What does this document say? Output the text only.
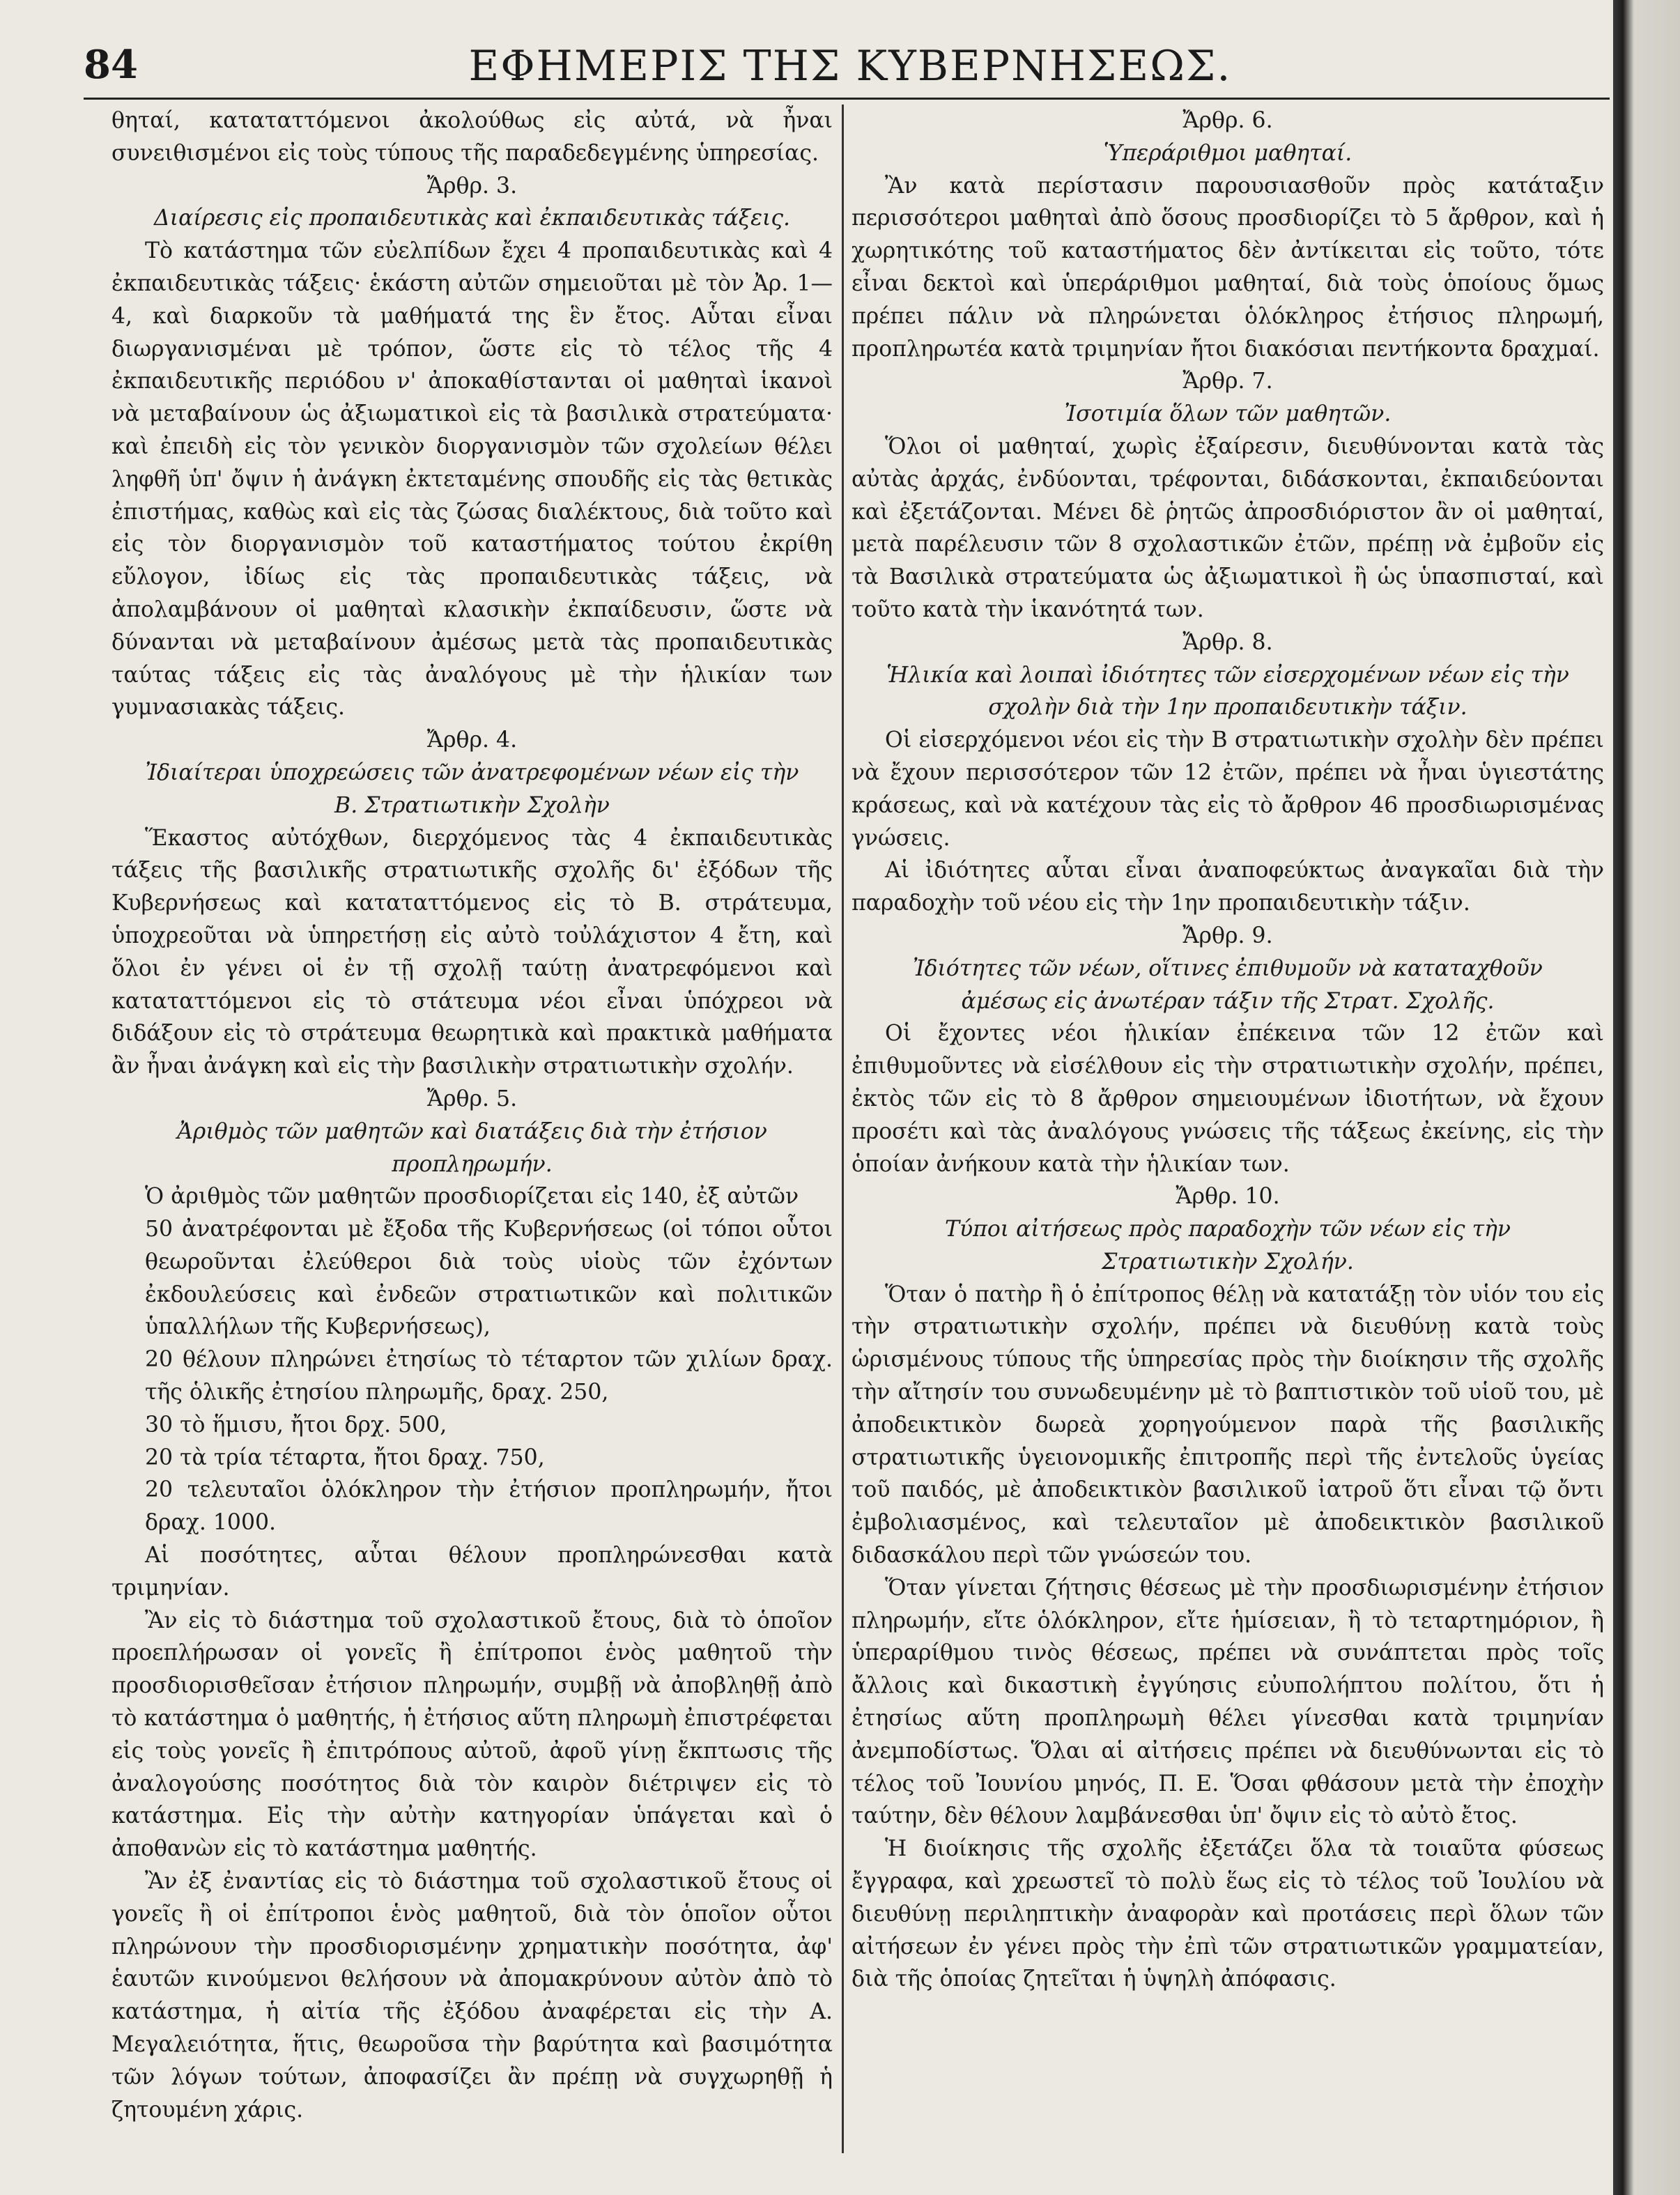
84	ΕΦΗΜΕΡΙΣ ΤΗΣ ΚΥΒΕΡΝΗΣΕΩΣ.

θηταί, καταταττόμενοι ἀκολούθως εἰς αὐτά, νὰ ἦναι συνειθισμένοι εἰς τοὺς τύπους τῆς παραδεδεγμένης ὑπηρεσίας.

Ἄρθρ. 3.
Διαίρεσις εἰς προπαιδευτικὰς καὶ ἐκπαιδευτικὰς τάξεις.

Τὸ κατάστημα τῶν εὐελπίδων ἔχει 4 προπαιδευτικὰς καὶ 4 ἐκπαιδευτικὰς τάξεις· ἑκάστη αὐτῶν σημειοῦται μὲ τὸν Ἀρ. 1—4, καὶ διαρκοῦν τὰ μαθήματά της ἓν ἔτος. Αὗται εἶναι διωργανισμέναι μὲ τρόπον, ὥστε εἰς τὸ τέλος τῆς 4 ἐκπαιδευτικῆς περιόδου ν' ἀποκαθίστανται οἱ μαθηταὶ ἱκανοὶ νὰ μεταβαίνουν ὡς ἀξιωματικοὶ εἰς τὰ βασιλικὰ στρατεύματα· καὶ ἐπειδὴ εἰς τὸν γενικὸν διοργανισμὸν τῶν σχολείων θέλει ληφθῆ ὑπ' ὄψιν ἡ ἀνάγκη ἐκτεταμένης σπουδῆς εἰς τὰς θετικὰς ἐπιστήμας, καθὼς καὶ εἰς τὰς ζώσας διαλέκτους, διὰ τοῦτο καὶ εἰς τὸν διοργανισμὸν τοῦ καταστήματος τούτου ἐκρίθη εὔλογον, ἰδίως εἰς τὰς προπαιδευτικὰς τάξεις, νὰ ἀπολαμβάνουν οἱ μαθηταὶ κλασικὴν ἐκπαίδευσιν, ὥστε νὰ δύνανται νὰ μεταβαίνουν ἀμέσως μετὰ τὰς προπαιδευτικὰς ταύτας τάξεις εἰς τὰς ἀναλόγους μὲ τὴν ἡλικίαν των γυμνασιακὰς τάξεις.

Ἄρθρ. 4.
Ἰδιαίτεραι ὑποχρεώσεις τῶν ἀνατρεφομένων νέων εἰς τὴν Β. Στρατιωτικὴν Σχολὴν

Ἕκαστος αὐτόχθων, διερχόμενος τὰς 4 ἐκπαιδευτικὰς τάξεις τῆς βασιλικῆς στρατιωτικῆς σχολῆς δι' ἐξόδων τῆς Κυβερνήσεως καὶ καταταττόμενος εἰς τὸ Β. στράτευμα, ὑποχρεοῦται νὰ ὑπηρετήσῃ εἰς αὐτὸ τοὐλάχιστον 4 ἔτη, καὶ ὅλοι ἐν γένει οἱ ἐν τῇ σχολῇ ταύτῃ ἀνατρεφόμενοι καὶ καταταττόμενοι εἰς τὸ στάτευμα νέοι εἶναι ὑπόχρεοι νὰ διδάξουν εἰς τὸ στράτευμα θεωρητικὰ καὶ πρακτικὰ μαθήματα ἂν ἦναι ἀνάγκη καὶ εἰς τὴν βασιλικὴν στρατιωτικὴν σχολήν.

Ἄρθρ. 5.
Ἀριθμὸς τῶν μαθητῶν καὶ διατάξεις διὰ τὴν ἐτήσιον προπληρωμήν.

Ὁ ἀριθμὸς τῶν μαθητῶν προσδιορίζεται εἰς 140, ἐξ αὐτῶν

50 ἀνατρέφονται μὲ ἔξοδα τῆς Κυβερνήσεως (οἱ τόποι οὗτοι θεωροῦνται ἐλεύθεροι διὰ τοὺς υἱοὺς τῶν ἐχόντων ἐκδουλεύσεις καὶ ἐνδεῶν στρατιωτικῶν καὶ πολιτικῶν ὑπαλλήλων τῆς Κυβερνήσεως),
20 θέλουν πληρώνει ἐτησίως τὸ τέταρτον τῶν χιλίων δραχ. τῆς ὁλικῆς ἐτησίου πληρωμῆς, δραχ. 250,
30 τὸ ἥμισυ, ἤτοι δρχ. 500,
20 τὰ τρία τέταρτα, ἤτοι δραχ. 750,
20 τελευταῖοι ὁλόκληρον τὴν ἐτήσιον προπληρωμήν, ἤτοι δραχ. 1000.

Αἱ ποσότητες, αὗται θέλουν προπληρώνεσθαι κατὰ τριμηνίαν.

Ἂν εἰς τὸ διάστημα τοῦ σχολαστικοῦ ἔτους, διὰ τὸ ὁποῖον προεπλήρωσαν οἱ γονεῖς ἢ ἐπίτροποι ἑνὸς μαθητοῦ τὴν προσδιορισθεῖσαν ἐτήσιον πληρωμήν, συμβῇ νὰ ἀποβληθῇ ἀπὸ τὸ κατάστημα ὁ μαθητής, ἡ ἐτήσιος αὕτη πληρωμὴ ἐπιστρέφεται εἰς τοὺς γονεῖς ἢ ἐπιτρόπους αὐτοῦ, ἀφοῦ γίνῃ ἔκπτωσις τῆς ἀναλογούσης ποσότητος διὰ τὸν καιρὸν διέτριψεν εἰς τὸ κατάστημα. Εἰς τὴν αὐτὴν κατηγορίαν ὑπάγεται καὶ ὁ ἀποθανὼν εἰς τὸ κατάστημα μαθητής.

Ἂν ἐξ ἐναντίας εἰς τὸ διάστημα τοῦ σχολαστικοῦ ἔτους οἱ γονεῖς ἢ οἱ ἐπίτροποι ἑνὸς μαθητοῦ, διὰ τὸν ὁποῖον οὗτοι πληρώνουν τὴν προσδιορισμένην χρηματικὴν ποσότητα, ἀφ' ἑαυτῶν κινούμενοι θελήσουν νὰ ἀπομακρύνουν αὐτὸν ἀπὸ τὸ κατάστημα, ἡ αἰτία τῆς ἐξόδου ἀναφέρεται εἰς τὴν Α. Μεγαλειότητα, ἥτις, θεωροῦσα τὴν βαρύτητα καὶ βασιμότητα τῶν λόγων τούτων, ἀποφασίζει ἂν πρέπῃ νὰ συγχωρηθῇ ἡ ζητουμένη χάρις.

Ἄρθρ. 6.
Ὑπεράριθμοι μαθηταί.

Ἂν κατὰ περίστασιν παρουσιασθοῦν πρὸς κατάταξιν περισσότεροι μαθηταὶ ἀπὸ ὅσους προσδιορίζει τὸ 5 ἄρθρον, καὶ ἡ χωρητικότης τοῦ καταστήματος δὲν ἀντίκειται εἰς τοῦτο, τότε εἶναι δεκτοὶ καὶ ὑπεράριθμοι μαθηταί, διὰ τοὺς ὁποίους ὅμως πρέπει πάλιν νὰ πληρώνεται ὁλόκληρος ἐτήσιος πληρωμή, προπληρωτέα κατὰ τριμηνίαν ἤτοι διακόσιαι πεντήκοντα δραχμαί.

Ἄρθρ. 7.
Ἰσοτιμία ὅλων τῶν μαθητῶν.

Ὅλοι οἱ μαθηταί, χωρὶς ἐξαίρεσιν, διευθύνονται κατὰ τὰς αὐτὰς ἀρχάς, ἐνδύονται, τρέφονται, διδάσκονται, ἐκπαιδεύονται καὶ ἐξετάζονται. Μένει δὲ ῥητῶς ἀπροσδιόριστον ἂν οἱ μαθηταί, μετὰ παρέλευσιν τῶν 8 σχολαστικῶν ἐτῶν, πρέπῃ νὰ ἐμβοῦν εἰς τὰ Βασιλικὰ στρατεύματα ὡς ἀξιωματικοὶ ἢ ὡς ὑπασπισταί, καὶ τοῦτο κατὰ τὴν ἱκανότητά των.

Ἄρθρ. 8.
Ἡλικία καὶ λοιπαὶ ἰδιότητες τῶν εἰσερχομένων νέων εἰς τὴν σχολὴν διὰ τὴν 1ην προπαιδευτικὴν τάξιν.

Οἱ εἰσερχόμενοι νέοι εἰς τὴν Β στρατιωτικὴν σχολὴν δὲν πρέπει νὰ ἔχουν περισσότερον τῶν 12 ἐτῶν, πρέπει νὰ ἦναι ὑγιεστάτης κράσεως, καὶ νὰ κατέχουν τὰς εἰς τὸ ἄρθρον 46 προσδιωρισμένας γνώσεις.

Αἱ ἰδιότητες αὗται εἶναι ἀναποφεύκτως ἀναγκαῖαι διὰ τὴν παραδοχὴν τοῦ νέου εἰς τὴν 1ην προπαιδευτικὴν τάξιν.

Ἄρθρ. 9.
Ἰδιότητες τῶν νέων, οἵτινες ἐπιθυμοῦν νὰ καταταχθοῦν ἀμέσως εἰς ἀνωτέραν τάξιν τῆς Στρατ. Σχολῆς.

Οἱ ἔχοντες νέοι ἡλικίαν ἐπέκεινα τῶν 12 ἐτῶν καὶ ἐπιθυμοῦντες νὰ εἰσέλθουν εἰς τὴν στρατιωτικὴν σχολήν, πρέπει, ἐκτὸς τῶν εἰς τὸ 8 ἄρθρον σημειουμένων ἰδιοτήτων, νὰ ἔχουν προσέτι καὶ τὰς ἀναλόγους γνώσεις τῆς τάξεως ἐκείνης, εἰς τὴν ὁποίαν ἀνήκουν κατὰ τὴν ἡλικίαν των.

Ἄρθρ. 10.
Τύποι αἰτήσεως πρὸς παραδοχὴν τῶν νέων εἰς τὴν Στρατιωτικὴν Σχολήν.

Ὅταν ὁ πατὴρ ἢ ὁ ἐπίτροπος θέλῃ νὰ κατατάξῃ τὸν υἱόν του εἰς τὴν στρατιωτικὴν σχολήν, πρέπει νὰ διευθύνῃ κατὰ τοὺς ὡρισμένους τύπους τῆς ὑπηρεσίας πρὸς τὴν διοίκησιν τῆς σχολῆς τὴν αἴτησίν του συνωδευμένην μὲ τὸ βαπτιστικὸν τοῦ υἱοῦ του, μὲ ἀποδεικτικὸν δωρεὰ χορηγούμενον παρὰ τῆς βασιλικῆς στρατιωτικῆς ὑγειονομικῆς ἐπιτροπῆς περὶ τῆς ἐντελοῦς ὑγείας τοῦ παιδός, μὲ ἀποδεικτικὸν βασιλικοῦ ἰατροῦ ὅτι εἶναι τῷ ὄντι ἐμβολιασμένος, καὶ τελευταῖον μὲ ἀποδεικτικὸν βασιλικοῦ διδασκάλου περὶ τῶν γνώσεών του.

Ὅταν γίνεται ζήτησις θέσεως μὲ τὴν προσδιωρισμένην ἐτήσιον πληρωμήν, εἴτε ὁλόκληρον, εἴτε ἡμίσειαν, ἢ τὸ τεταρτημόριον, ἢ ὑπεραρίθμου τινὸς θέσεως, πρέπει νὰ συνάπτεται πρὸς τοῖς ἄλλοις καὶ δικαστικὴ ἐγγύησις εὐυπολήπτου πολίτου, ὅτι ἡ ἐτησίως αὕτη προπληρωμὴ θέλει γίνεσθαι κατὰ τριμηνίαν ἀνεμποδίστως. Ὅλαι αἱ αἰτήσεις πρέπει νὰ διευθύνωνται εἰς τὸ τέλος τοῦ Ἰουνίου μηνός, Π. Ε. Ὅσαι φθάσουν μετὰ τὴν ἐποχὴν ταύτην, δὲν θέλουν λαμβάνεσθαι ὑπ' ὄψιν εἰς τὸ αὐτὸ ἔτος.

Ἡ διοίκησις τῆς σχολῆς ἐξετάζει ὅλα τὰ τοιαῦτα φύσεως ἔγγραφα, καὶ χρεωστεῖ τὸ πολὺ ἕως εἰς τὸ τέλος τοῦ Ἰουλίου νὰ διευθύνῃ περιληπτικὴν ἀναφορὰν καὶ προτάσεις περὶ ὅλων τῶν αἰτήσεων ἐν γένει πρὸς τὴν ἐπὶ τῶν στρατιωτικῶν γραμματείαν, διὰ τῆς ὁποίας ζητεῖται ἡ ὑψηλὴ ἀπόφασις.
